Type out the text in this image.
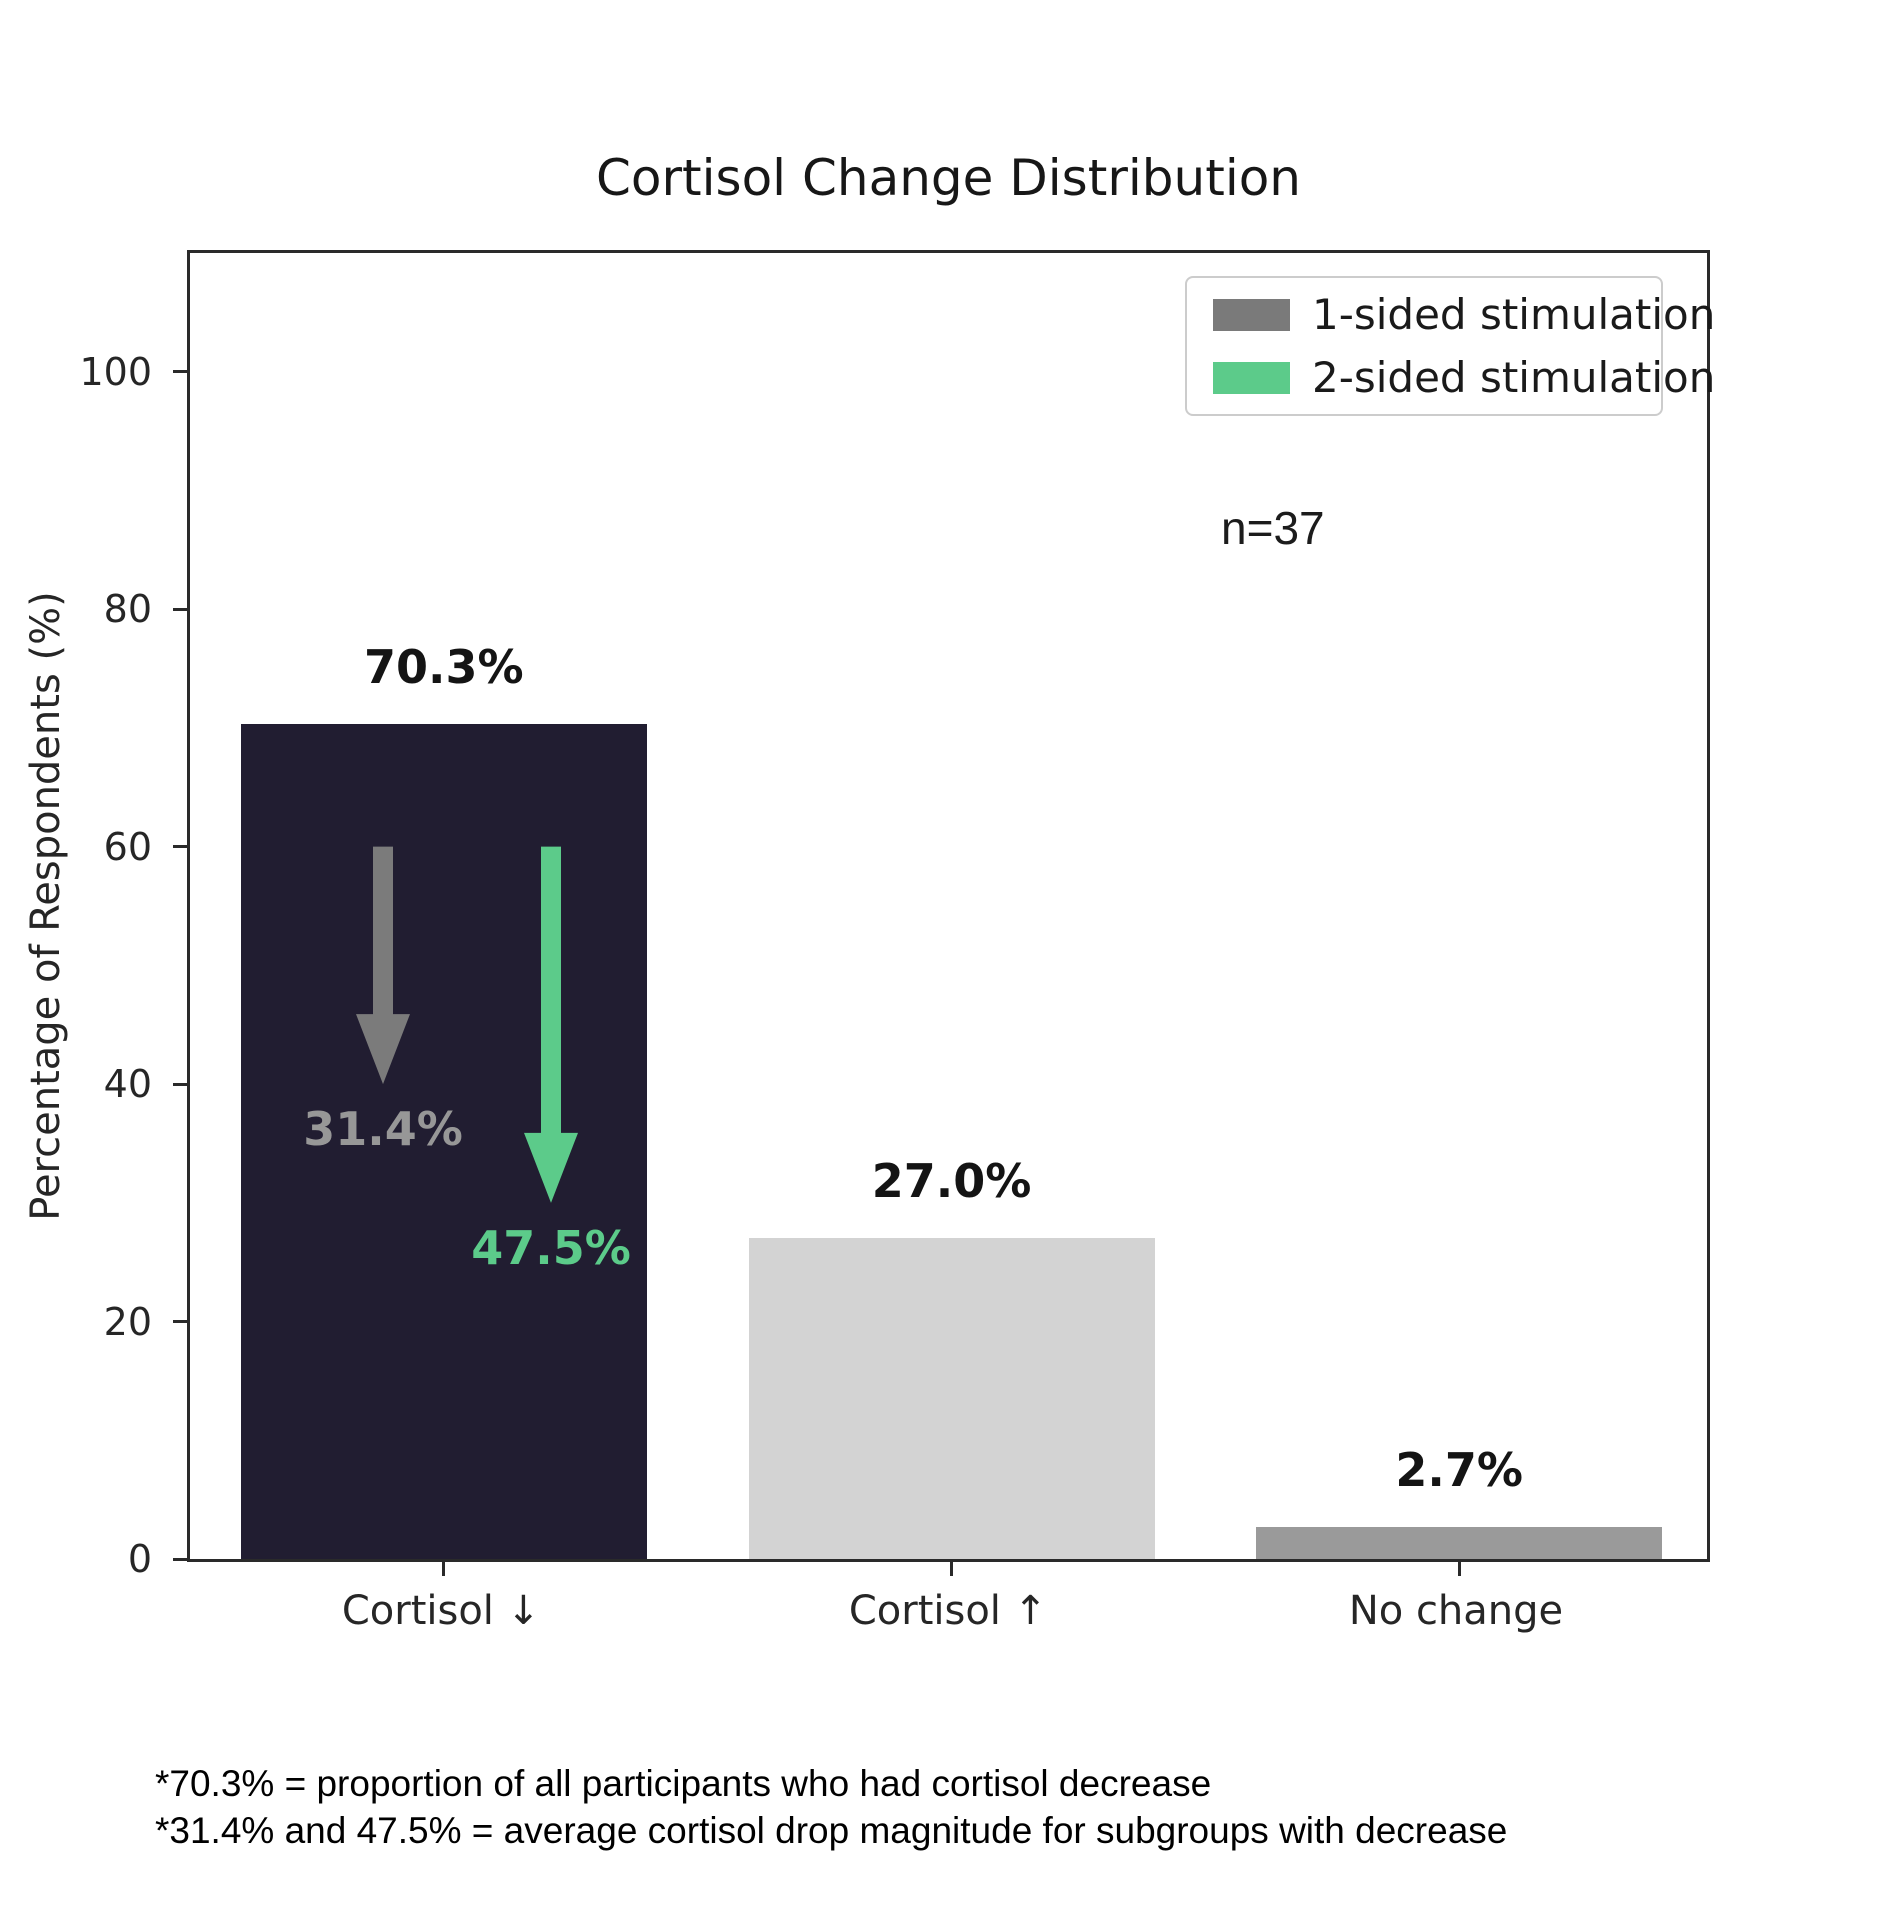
Cortisol Change Distribution
Percentage of Respondents (%)
100
80
60
40
20
0
70.3%
27.0%
2.7%
31.4%
47.5%
1-sided stimulation
2-sided stimulation
n=37
Cortisol ↓	Cortisol ↑	No change
*70.3% = proportion of all participants who had cortisol decrease
*31.4% and 47.5% = average cortisol drop magnitude for subgroups with decrease
